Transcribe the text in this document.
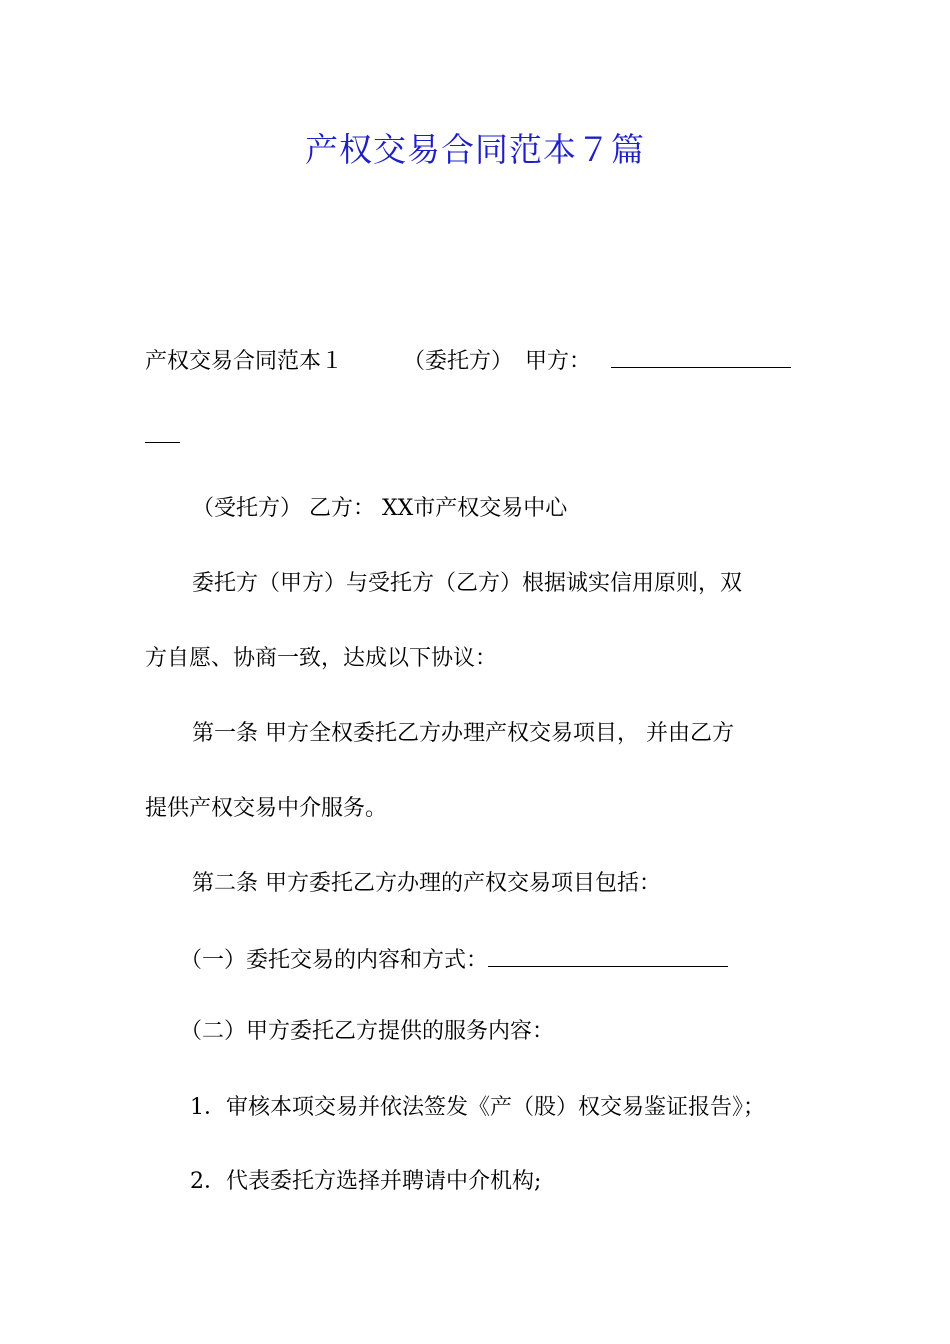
产权交易合同范本７篇
产权交易合同范本１	（委托方） 甲方：
（受托方） 乙方： XX市产权交易中心
委托方（甲方）与受托方（乙方）根据诚实信用原则，双
方自愿、协商一致，达成以下协议：
第一条 甲方全权委托乙方办理产权交易项目， 并由乙方
提供产权交易中介服务。
第二条 甲方委托乙方办理的产权交易项目包括：
（一）委托交易的内容和方式：
（二）甲方委托乙方提供的服务内容：
1．审核本项交易并依法签发《产（股）权交易鉴证报告》；
2．代表委托方选择并聘请中介机构;
